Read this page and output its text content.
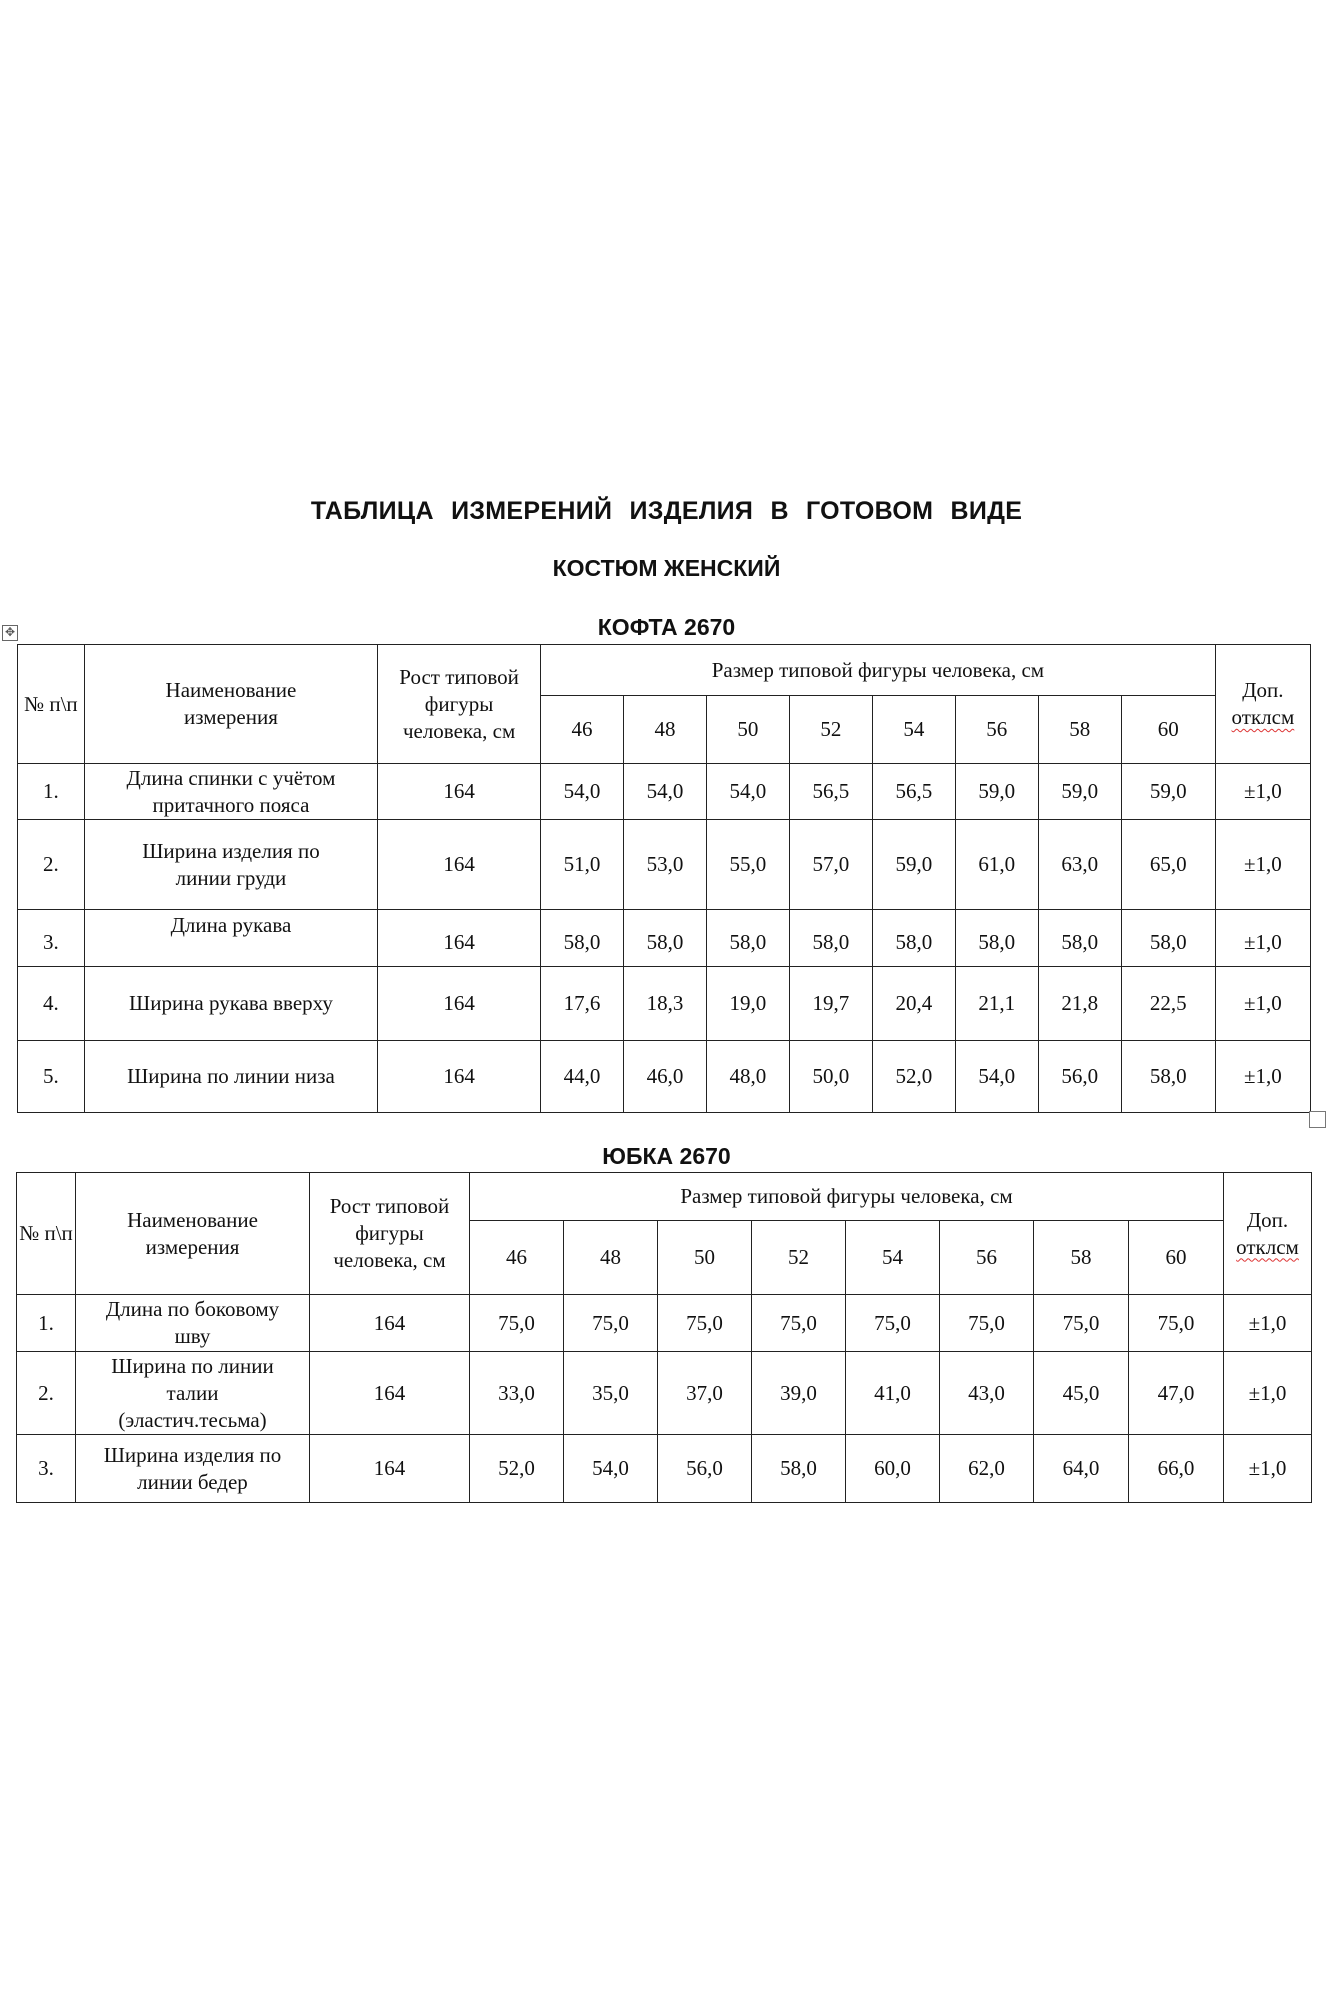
ТАБЛИЦА ИЗМЕРЕНИЙ ИЗДЕЛИЯ В ГОТОВОМ ВИДЕ
КОСТЮМ ЖЕНСКИЙ
✥	КОФТА 2670
№ п\п	Наименование измерения	Рост типовой фигуры человека, см	Размер типовой фигуры человека, см								Доп.
отклсм

			46	48	50	52	54	56	58	60	
1.	Длина спинки с учётом притачного пояса	164	54,0	54,0	54,0	56,5	56,5	59,0	59,0	59,0	±1,0
2.	Ширина изделия по линии груди	164	51,0	53,0	55,0	57,0	59,0	61,0	63,0	65,0	±1,0
3.	Длина рукава	164	58,0	58,0	58,0	58,0	58,0	58,0	58,0	58,0	±1,0
4.	Ширина рукава вверху	164	17,6	18,3	19,0	19,7	20,4	21,1	21,8	22,5	±1,0
5.	Ширина по линии низа	164	44,0	46,0	48,0	50,0	52,0	54,0	56,0	58,0	±1,0
ЮБКА 2670
№ п\п	Наименование измерения	Рост типовой фигуры человека, см	Размер типовой фигуры человека, см								Доп.
отклсм

			46	48	50	52	54	56	58	60	
1.	Длина по боковому шву	164	75,0	75,0	75,0	75,0	75,0	75,0	75,0	75,0	±1,0
2.	Ширина по линии талии (эластич.тесьма)	164	33,0	35,0	37,0	39,0	41,0	43,0	45,0	47,0	±1,0
3.	Ширина изделия по линии бедер	164	52,0	54,0	56,0	58,0	60,0	62,0	64,0	66,0	±1,0
